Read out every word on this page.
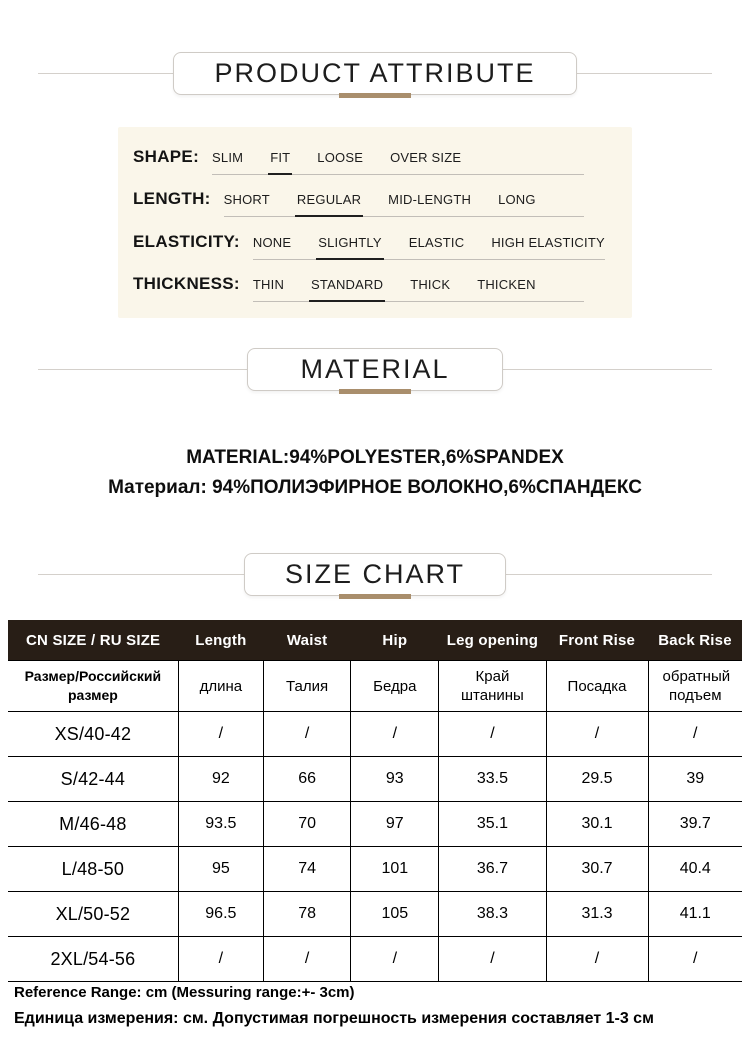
PRODUCT ATTRIBUTE
SHAPE: SLIM FIT LOOSE OVER SIZE
LENGTH: SHORT REGULAR MID-LENGTH LONG
ELASTICITY: NONE SLIGHTLY ELASTIC HIGH ELASTICITY
THICKNESS: THIN STANDARD THICK THICKEN
MATERIAL
MATERIAL:94%POLYESTER,6%SPANDEX
Материал: 94%ПОЛИЭФИРНОЕ ВОЛОКНО,6%СПАНДЕКС
SIZE CHART
CN SIZE / RU SIZE	Length	Waist	Hip	Leg opening	Front Rise	Back Rise
Размер/Российский размер	длина	Талия	Бедра	Край штанины	Посадка	обратный подъем
XS/40-42	/	/	/	/	/	/
S/42-44	92	66	93	33.5	29.5	39
M/46-48	93.5	70	97	35.1	30.1	39.7
L/48-50	95	74	101	36.7	30.7	40.4
XL/50-52	96.5	78	105	38.3	31.3	41.1
2XL/54-56	/	/	/	/	/	/
Reference Range: cm (Messuring range:+- 3cm)
Единица измерения: см. Допустимая погрешность измерения составляет 1-3 см
